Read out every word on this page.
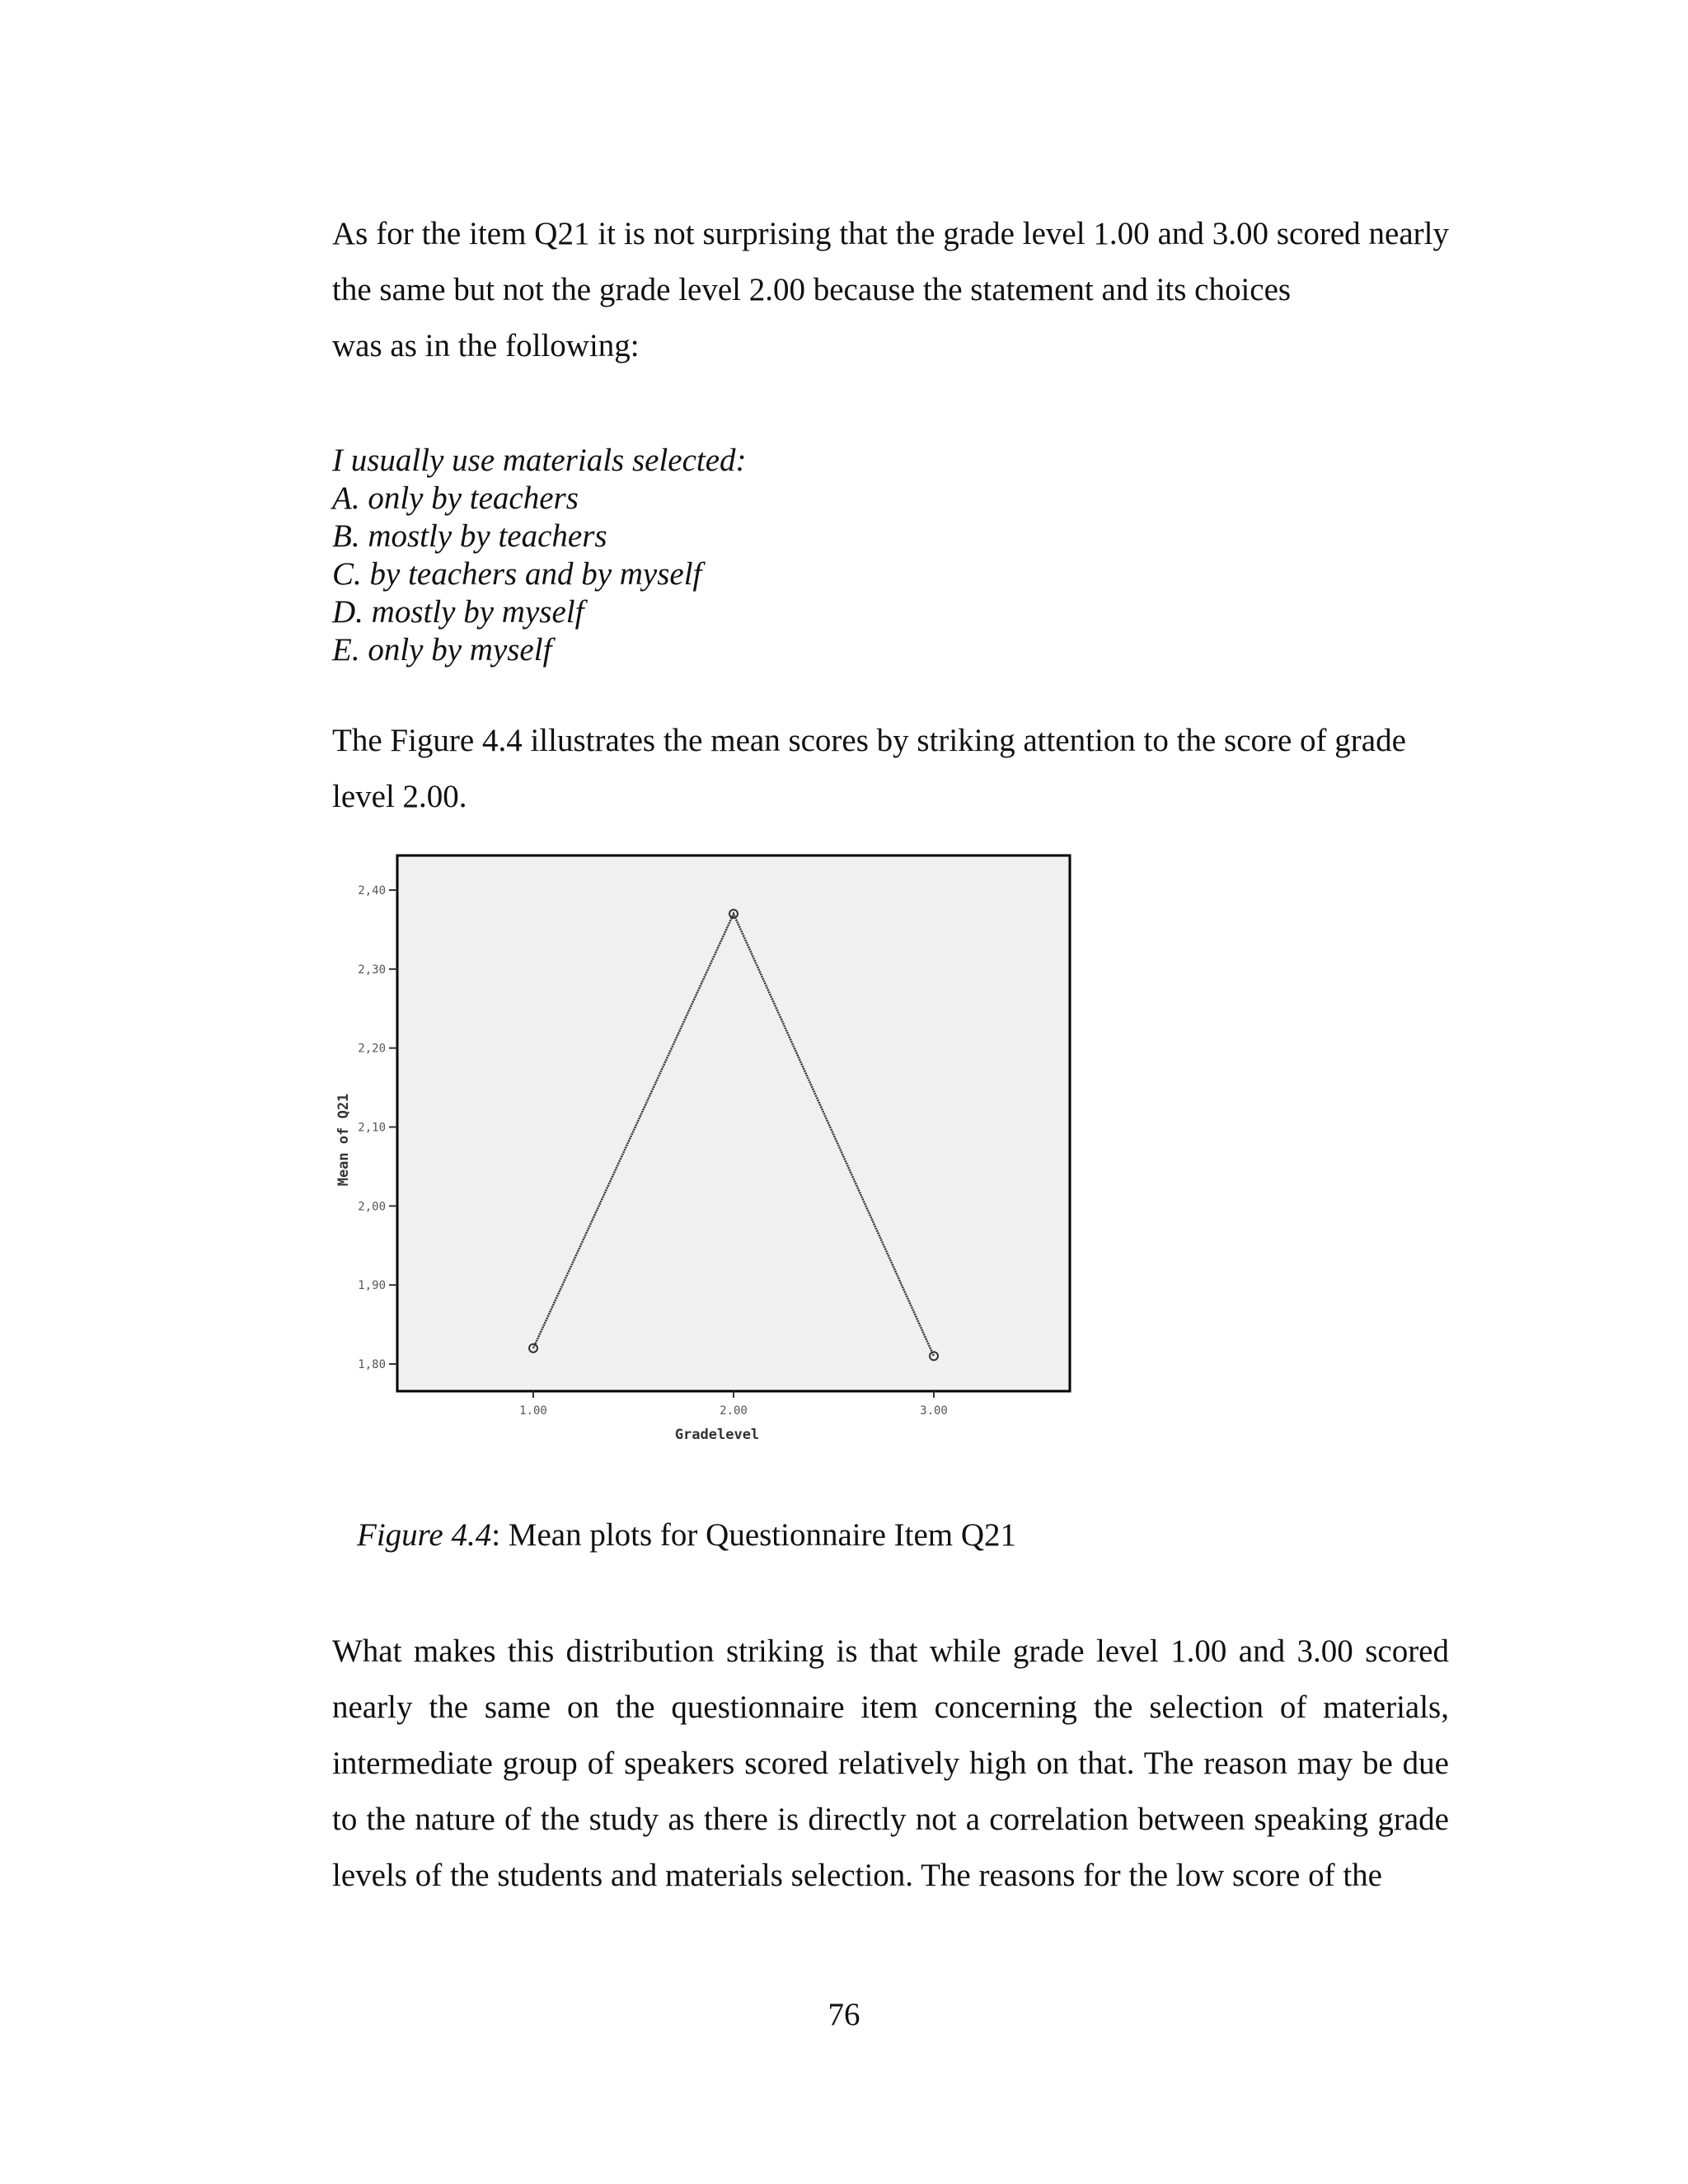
As for the item Q21 it is not surprising that the grade level 1.00 and 3.00 scored nearly the same but not the grade level 2.00 because the statement and its choices
was as in the following:

I usually use materials selected:
A. only by teachers
B. mostly by teachers
C. by teachers and by myself
D. mostly by myself
E. only by myself

The Figure 4.4 illustrates the mean scores by striking attention to the score of grade
level 2.00.

1,80
1,90
2,00
2,10
2,20
2,30
2,40
1.00	2.00	3.00
Gradelevel
Mean of Q21
Figure 4.4: Mean plots for Questionnaire Item Q21

What makes this distribution striking is that while grade level 1.00 and 3.00 scored nearly the same on the questionnaire item concerning the selection of materials, intermediate group of speakers scored relatively high on that. The reason may be due to the nature of the study as there is directly not a correlation between speaking grade levels of the students and materials selection. The reasons for the low score of the

76
